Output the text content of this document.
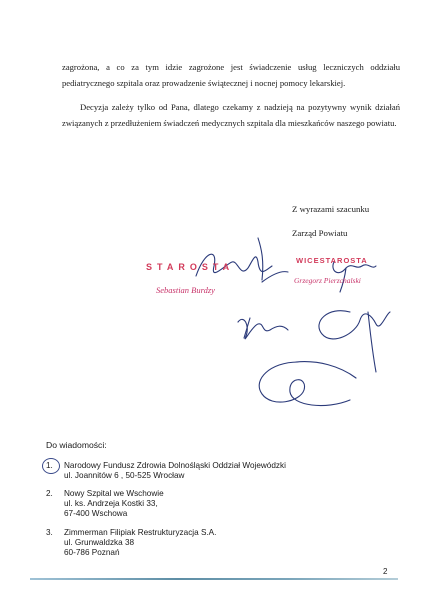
zagrożona, a co za tym idzie zagrożone jest świadczenie usług leczniczych oddziału pediatrycznego szpitala oraz prowadzenie świątecznej i nocnej pomocy lekarskiej.

Decyzja zależy tylko od Pana, dlatego czekamy z nadzieją na pozytywny wynik działań związanych z przedłużeniem świadczeń medycznych szpitala dla mieszkańców naszego powiatu.

Z wyrazami szacunku
Zarząd Powiatu
STAROSTA
Sebastian Burdzy
WICESTAROSTA
Grzegorz Pierzchalski
Do wiadomości:
1.	Narodowy Fundusz Zdrowia Dolnośląski Oddział Wojewódzki
ul. Joannitów 6 , 50-525 Wrocław
2.	Nowy Szpital we Wschowie
ul. ks. Andrzeja Kostki 33,
67-400 Wschowa
3.	Zimmerman Filipiak Restrukturyzacja S.A.
ul. Grunwaldzka 38
60-786 Poznań
2
